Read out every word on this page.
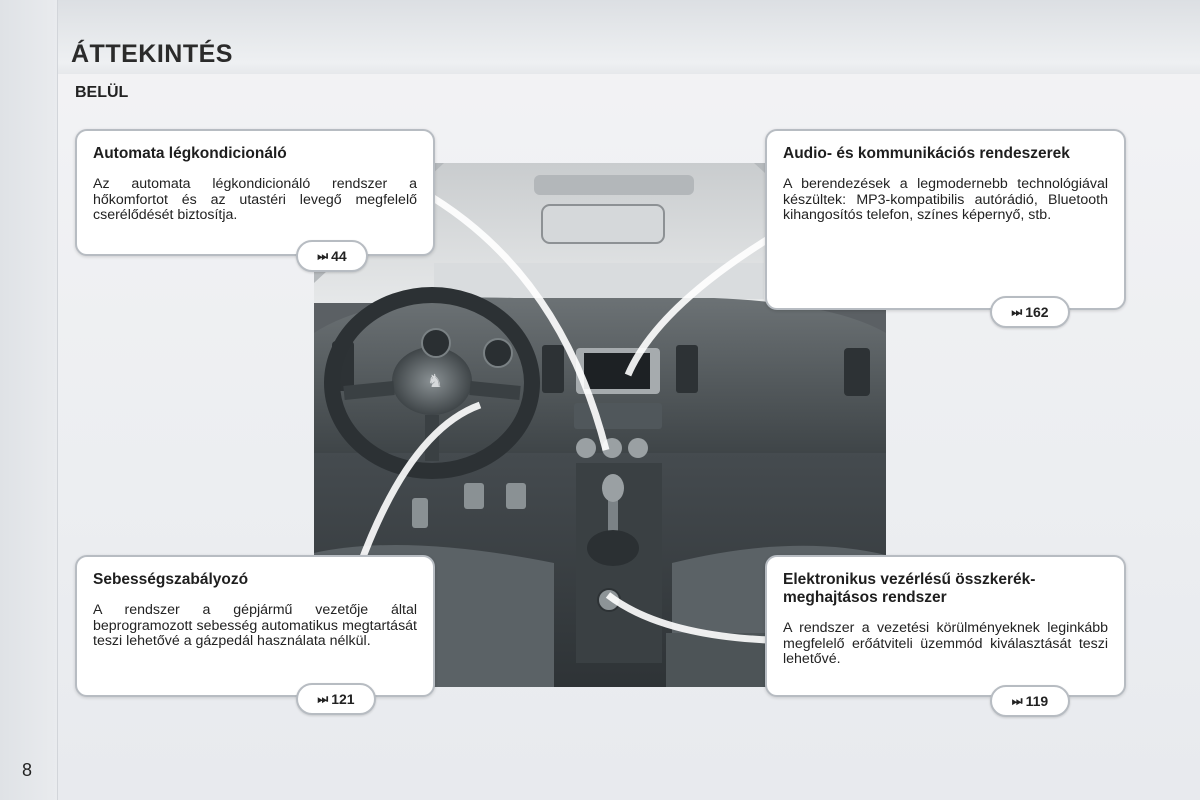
ÁTTEKINTÉS
BELÜL
♞
Automata légkondicionáló

Az automata légkondicionáló rendszer a hőkomfortot és az utastéri levegő megfelelő cserélődését biztosítja.

⏭ 44
Audio- és kommunikációs rendeszerek

A berendezések a legmodernebb technológiával készültek: MP3-kompatibilis autórádió, Bluetooth kihangosítós telefon, színes képernyő, stb.

⏭ 162
Sebességszabályozó

A rendszer a gépjármű vezetője által beprogramozott sebesség automatikus megtartását teszi lehetővé a gázpedál használata nélkül.

⏭ 121
Elektronikus vezérlésű összkerék-meghajtásos rendszer

A rendszer a vezetési körülményeknek leginkább megfelelő erőátviteli üzemmód kiválasztását teszi lehetővé.

⏭ 119
8
